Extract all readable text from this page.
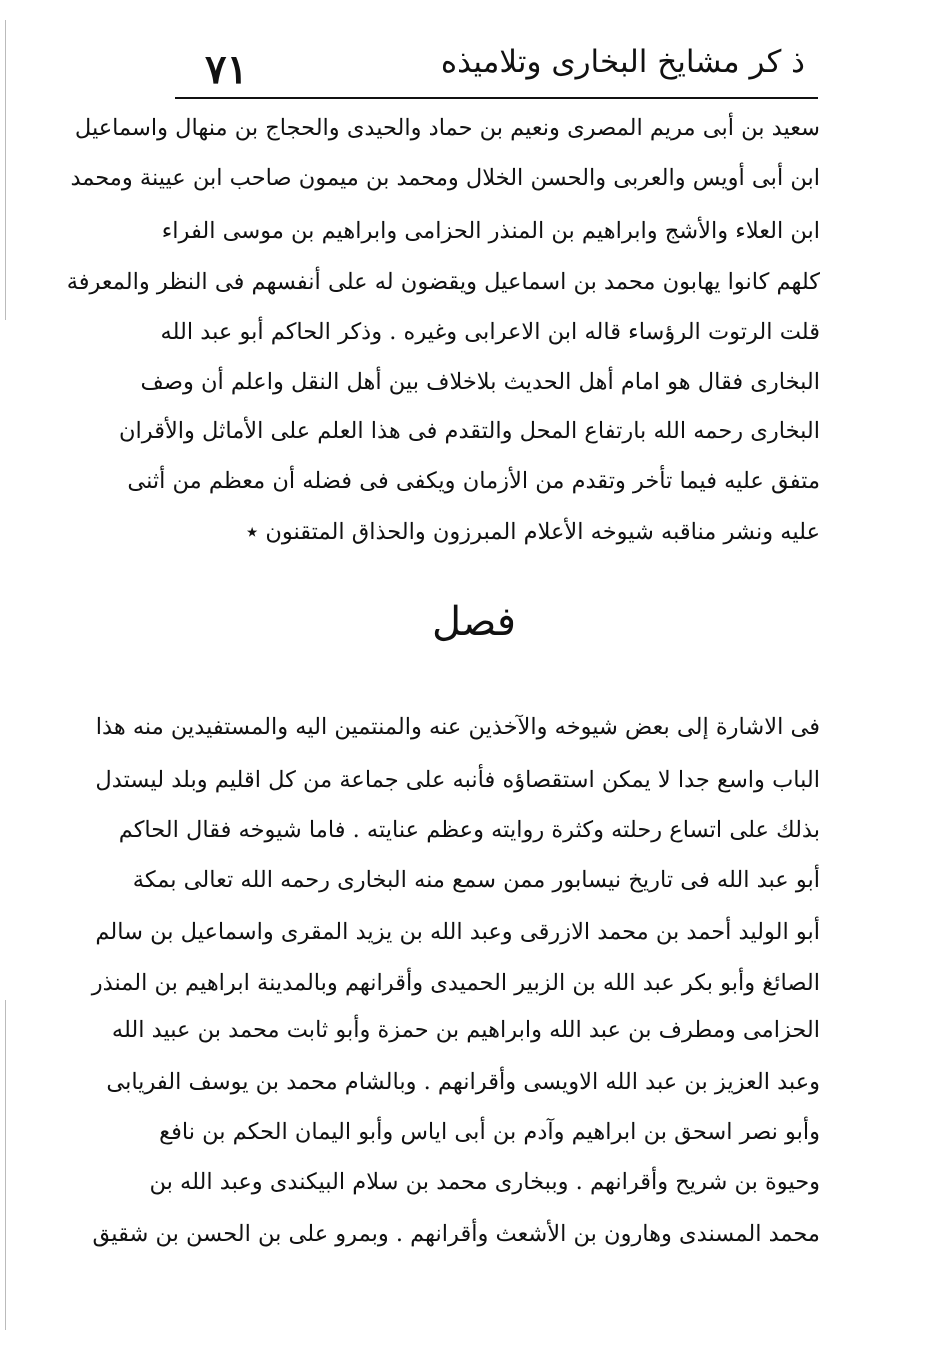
ذ كر مشايخ البخارى وتلاميذه
٧١
سعيد بن أبى مريم المصرى ونعيم بن حماد والحيدى والحجاج بن منهال واسماعيل
ابن أبى أويس والعربى والحسن الخلال ومحمد بن ميمون صاحب ابن عيينة ومحمد
ابن العلاء والأشج وابراهيم بن المنذر الحزامى وابراهيم بن موسى الفراء
كلهم كانوا يهابون محمد بن اسماعيل ويقضون له على أنفسهم فى النظر والمعرفة
قلت الرتوت الرؤساء قاله ابن الاعرابى وغيره . وذكر الحاكم أبو عبد الله
البخارى فقال هو امام أهل الحديث بلاخلاف بين أهل النقل واعلم أن وصف
البخارى رحمه الله بارتفاع المحل والتقدم فى هذا العلم على الأماثل والأقران
متفق عليه فيما تأخر وتقدم من الأزمان ويكفى فى فضله أن معظم من أثنى
عليه ونشر مناقبه شيوخه الأعلام المبرزون والحذاق المتقنون ٭
فصل
فى الاشارة إلى بعض شيوخه والآخذين عنه والمنتمين اليه والمستفيدين منه هذا
الباب واسع جدا لا يمكن استقصاؤه فأنبه على جماعة من كل اقليم وبلد ليستدل
بذلك على اتساع رحلته وكثرة روايته وعظم عنايته . فاما شيوخه فقال الحاكم
أبو عبد الله فى تاريخ نيسابور ممن سمع منه البخارى رحمه الله تعالى بمكة
أبو الوليد أحمد بن محمد الازرقى وعبد الله بن يزيد المقرى واسماعيل بن سالم
الصائغ وأبو بكر عبد الله بن الزبير الحميدى وأقرانهم وبالمدينة ابراهيم بن المنذر
الحزامى ومطرف بن عبد الله وابراهيم بن حمزة وأبو ثابت محمد بن عبيد الله
وعبد العزيز بن عبد الله الاويسى وأقرانهم . وبالشام محمد بن يوسف الفريابى
وأبو نصر اسحق بن ابراهيم وآدم بن أبى اياس وأبو اليمان الحكم بن نافع
وحيوة بن شريح وأقرانهم . وببخارى محمد بن سلام البيكندى وعبد الله بن
محمد المسندى وهارون بن الأشعث وأقرانهم . وبمرو على بن الحسن بن شقيق
